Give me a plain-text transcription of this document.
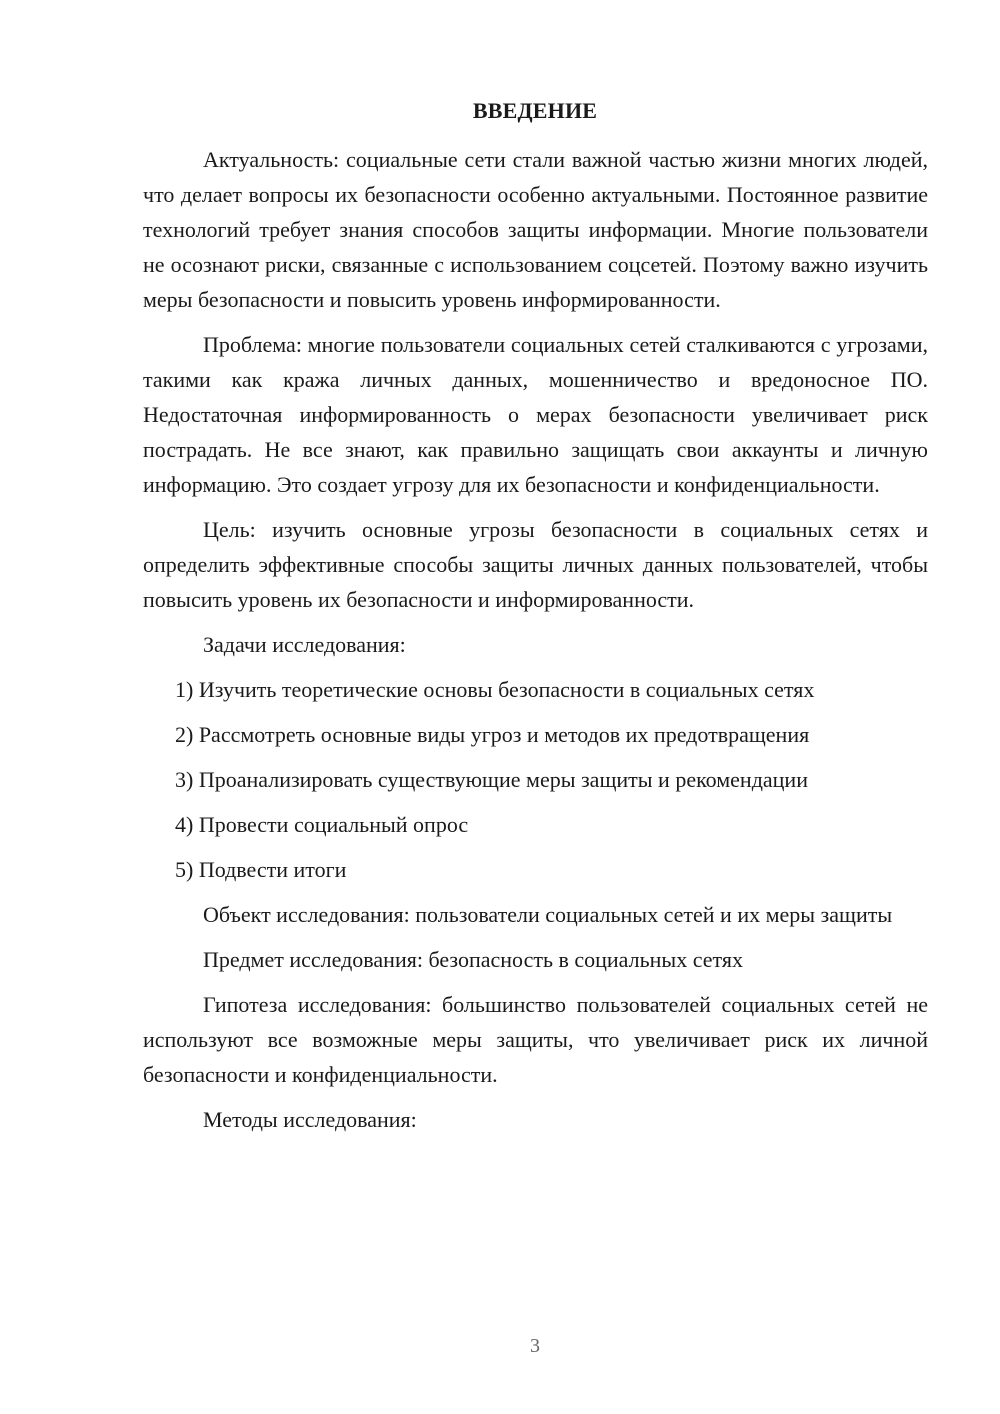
ВВЕДЕНИЕ

Актуальность: социальные сети стали важной частью жизни многих людей, что делает вопросы их безопасности особенно актуальными. Постоянное развитие технологий требует знания способов защиты информации. Многие пользователи не осознают риски, связанные с использованием соцсетей. Поэтому важно изучить меры безопасности и повысить уровень информированности.

Проблема: многие пользователи социальных сетей сталкиваются с угрозами, такими как кража личных данных, мошенничество и вредоносное ПО. Недостаточная информированность о мерах безопасности увеличивает риск пострадать. Не все знают, как правильно защищать свои аккаунты и личную информацию. Это создает угрозу для их безопасности и конфиденциальности.

Цель: изучить основные угрозы безопасности в социальных сетях и определить эффективные способы защиты личных данных пользователей, чтобы повысить уровень их безопасности и информированности.

Задачи исследования:

1) Изучить теоретические основы безопасности в социальных сетях

2) Рассмотреть основные виды угроз и методов их предотвращения

3) Проанализировать существующие меры защиты и рекомендации

4) Провести социальный опрос

5) Подвести итоги

Объект исследования: пользователи социальных сетей и их меры защиты

Предмет исследования: безопасность в социальных сетях

Гипотеза исследования: большинство пользователей социальных сетей не используют все возможные меры защиты, что увеличивает риск их личной безопасности и конфиденциальности.

Методы исследования:

3
